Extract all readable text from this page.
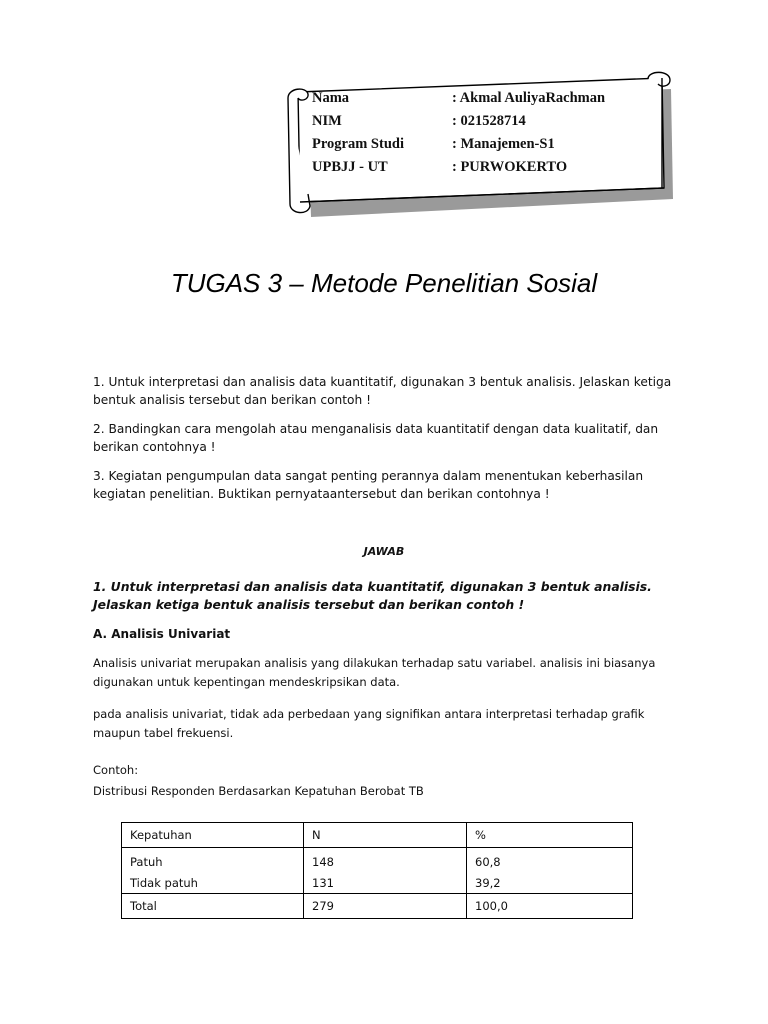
Nama	: Akmal AuliyaRachman
NIM	: 021528714
Program Studi	: Manajemen-S1
UPBJJ - UT	: PURWOKERTO
TUGAS 3 – Metode Penelitian Sosial

1. Untuk interpretasi dan analisis data kuantitatif, digunakan 3 bentuk analisis. Jelaskan ketiga bentuk analisis tersebut dan berikan contoh !

2. Bandingkan cara mengolah atau menganalisis data kuantitatif dengan data kualitatif, dan berikan contohnya !

3. Kegiatan pengumpulan data sangat penting perannya dalam menentukan keberhasilan kegiatan penelitian. Buktikan pernyataantersebut dan berikan contohnya !

JAWAB

1. Untuk interpretasi dan analisis data kuantitatif, digunakan 3 bentuk analisis. Jelaskan ketiga bentuk analisis tersebut dan berikan contoh !

A. Analisis Univariat

Analisis univariat merupakan analisis yang dilakukan terhadap satu variabel. analisis ini biasanya digunakan untuk kepentingan mendeskripsikan data.

pada analisis univariat, tidak ada perbedaan yang signifikan antara interpretasi terhadap grafik maupun tabel frekuensi.

Contoh:

Distribusi Responden Berdasarkan Kepatuhan Berobat TB

Kepatuhan	N	%
Patuh	148	60,8
Tidak patuh	131	39,2
Total	279	100,0
